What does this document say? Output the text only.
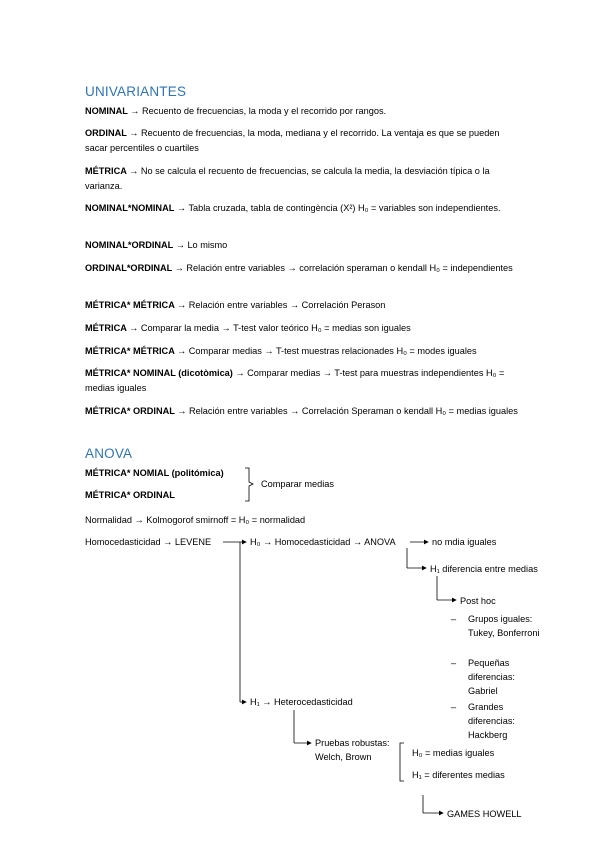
UNIVARIANTES
NOMINAL → Recuento de frecuencias, la moda y el recorrido por rangos.
ORDINAL → Recuento de frecuencias, la moda, mediana y el recorrido. La ventaja es que se pueden sacar percentiles o cuartiles
MÉTRICA → No se calcula el recuento de frecuencias, se calcula la media, la desviación típica o la varianza.
NOMINAL*NOMINAL → Tabla cruzada, tabla de contingència (X²) H₀ = variables son independientes.
NOMINAL*ORDINAL → Lo mismo
ORDINAL*ORDINAL → Relación entre variables → correlación speraman o kendall H₀ = independientes
MÉTRICA* MÉTRICA → Relación entre variables → Correlación Perason
MÉTRICA → Comparar la media → T-test valor teórico H₀ = medias son iguales
MÉTRICA* MÉTRICA → Comparar medias → T-test muestras relacionades H₀ = modes iguales
MÉTRICA* NOMINAL (dicotòmica) → Comparar medias → T-test para muestras independientes H₀ = medias iguales
MÉTRICA* ORDINAL → Relación entre variables → Correlación Speraman o kendall H₀ = medias iguales
ANOVA
MÉTRICA* NOMIAL (politómica)
MÉTRICA* ORDINAL
Comparar medias
Normalidad → Kolmogorof smirnoff = H₀ = normalidad
Homocedasticidad → LEVENE	H₀ → Homocedasticidad → ANOVA	no mdia iguales
H₁ diferencia entre medias
Post hoc
– Grupos iguales: Tukey, Bonferroni
– Pequeñas diferencias: Gabriel
– Grandes diferencias: Hackberg
H₁ → Heterocedasticidad
Pruebas robustas: Welch, Brown	H₀ = medias iguales
H₁ = diferentes medias
GAMES HOWELL
